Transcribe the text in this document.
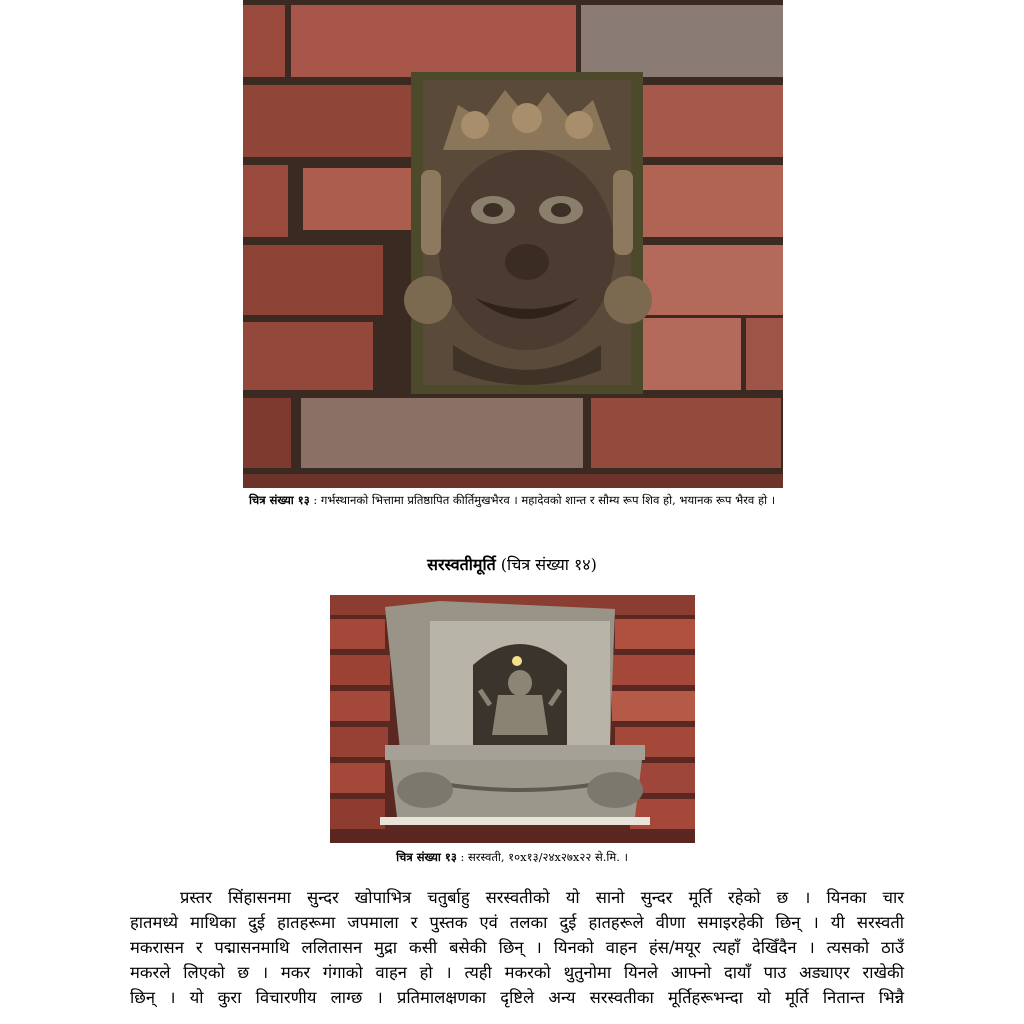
चित्र संख्या १३ : गर्भस्थानको भित्तामा प्रतिष्ठापित कीर्तिमुखभैरव । महादेवको शान्त र सौम्य रूप शिव हो, भयानक रूप भैरव हो ।
सरस्वतीमूर्ति (चित्र संख्या १४)
चित्र संख्या १३ : सरस्वती, १०x१३/२४x२७x२२ से.मि. ।
प्रस्तर सिंहासनमा सुन्दर खोपाभित्र चतुर्बाहु सरस्वतीको यो सानो सुन्दर मूर्ति रहेको छ । यिनका चार
हातमध्ये माथिका दुई हातहरूमा जपमाला र पुस्तक एवं तलका दुई हातहरूले वीणा समाइरहेकी छिन् । यी सरस्वती
मकरासन र पद्मासनमाथि ललितासन मुद्रा कसी बसेकी छिन् । यिनको वाहन हंस/मयूर त्यहाँ देखिँदैन । त्यसको ठाउँ
मकरले लिएको छ । मकर गंगाको वाहन हो । त्यही मकरको थुतुनोमा यिनले आफ्नो दायाँ पाउ अड्याएर राखेकी
छिन् । यो कुरा विचारणीय लाग्छ । प्रतिमालक्षणका दृष्टिले अन्य सरस्वतीका मूर्तिहरूभन्दा यो मूर्ति नितान्त भिन्नै
